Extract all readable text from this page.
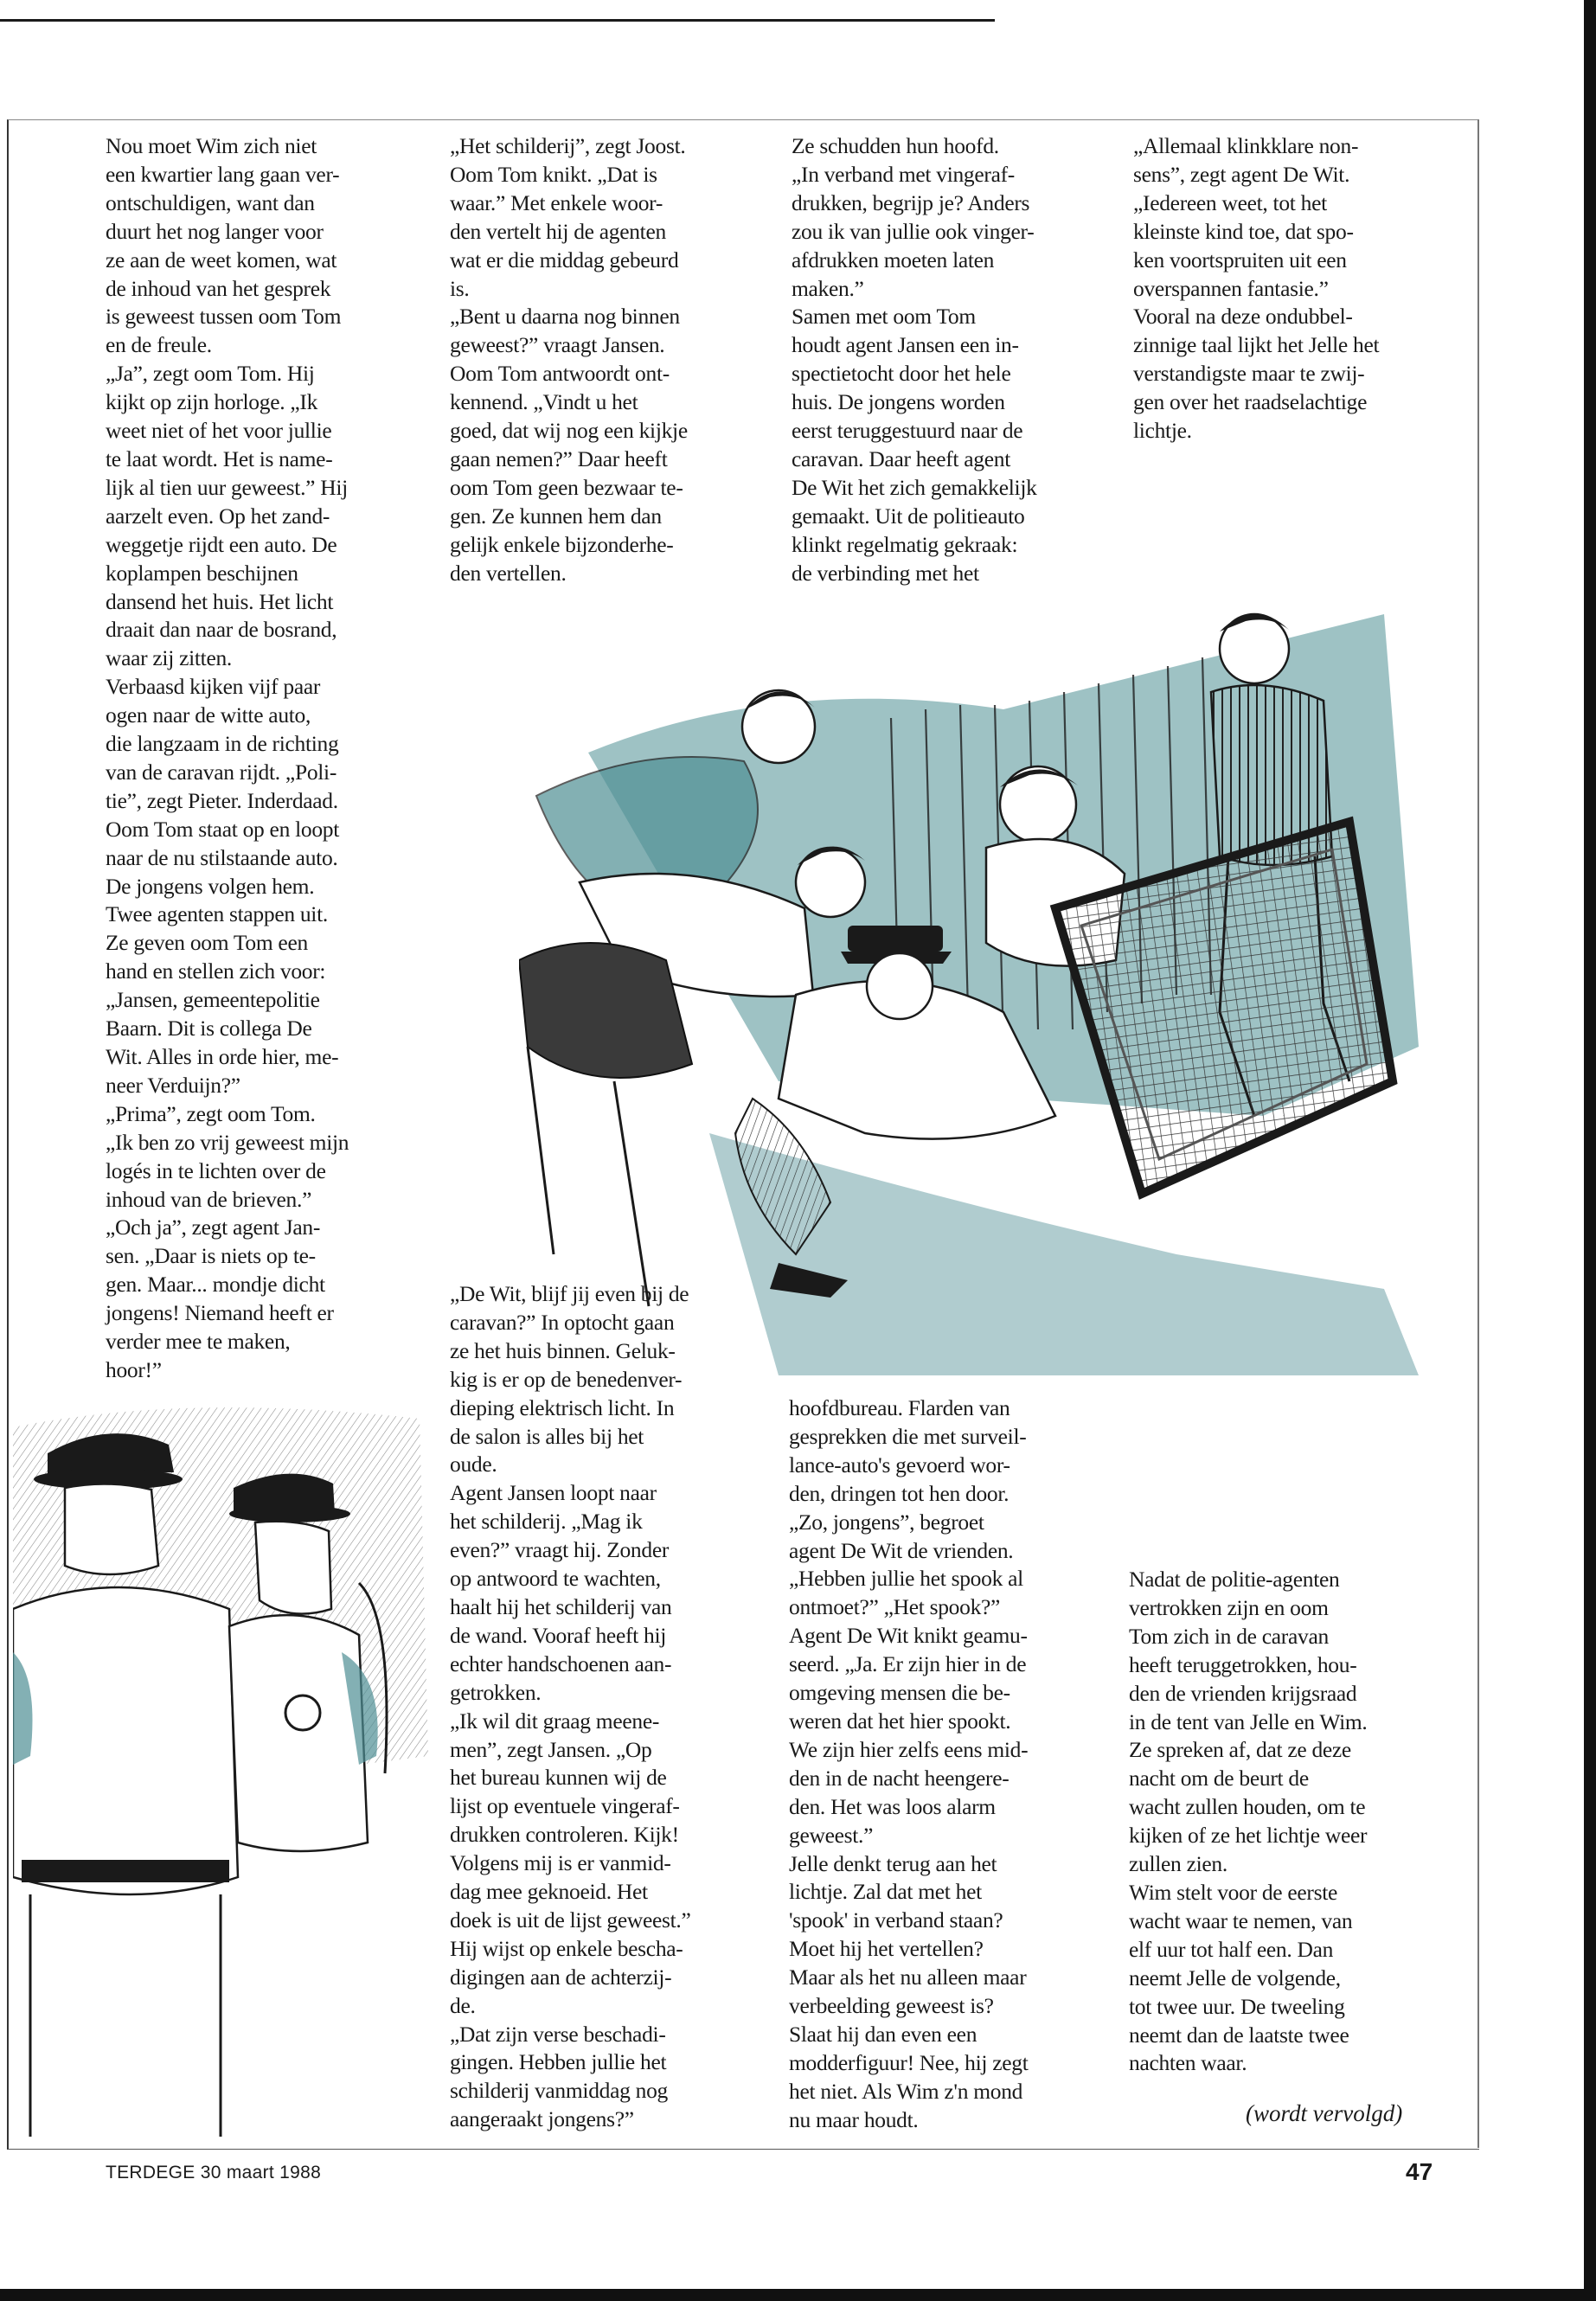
Nou moet Wim zich niet
een kwartier lang gaan ver-
ontschuldigen, want dan
duurt het nog langer voor
ze aan de weet komen, wat
de inhoud van het gesprek
is geweest tussen oom Tom
en de freule.
„Ja”, zegt oom Tom. Hij
kijkt op zijn horloge. „Ik
weet niet of het voor jullie
te laat wordt. Het is name-
lijk al tien uur geweest.” Hij
aarzelt even. Op het zand-
weggetje rijdt een auto. De
koplampen beschijnen
dansend het huis. Het licht
draait dan naar de bosrand,
waar zij zitten.
Verbaasd kijken vijf paar
ogen naar de witte auto,
die langzaam in de richting
van de caravan rijdt. „Poli-
tie”, zegt Pieter. Inderdaad.
Oom Tom staat op en loopt
naar de nu stilstaande auto.
De jongens volgen hem.
Twee agenten stappen uit.
Ze geven oom Tom een
hand en stellen zich voor:
„Jansen, gemeentepolitie
Baarn. Dit is collega De
Wit. Alles in orde hier, me-
neer Verduijn?”
„Prima”, zegt oom Tom.
„Ik ben zo vrij geweest mijn
logés in te lichten over de
inhoud van de brieven.”
„Och ja”, zegt agent Jan-
sen. „Daar is niets op te-
gen. Maar... mondje dicht
jongens! Niemand heeft er
verder mee te maken,
hoor!”
„Het schilderij”, zegt Joost.
Oom Tom knikt. „Dat is
waar.” Met enkele woor-
den vertelt hij de agenten
wat er die middag gebeurd
is.
„Bent u daarna nog binnen
geweest?” vraagt Jansen.
Oom Tom antwoordt ont-
kennend. „Vindt u het
goed, dat wij nog een kijkje
gaan nemen?” Daar heeft
oom Tom geen bezwaar te-
gen. Ze kunnen hem dan
gelijk enkele bijzonderhe-
den vertellen.
Ze schudden hun hoofd.
„In verband met vingeraf-
drukken, begrijp je? Anders
zou ik van jullie ook vinger-
afdrukken moeten laten
maken.”
Samen met oom Tom
houdt agent Jansen een in-
spectietocht door het hele
huis. De jongens worden
eerst teruggestuurd naar de
caravan. Daar heeft agent
De Wit het zich gemakkelijk
gemaakt. Uit de politieauto
klinkt regelmatig gekraak:
de verbinding met het
„Allemaal klinkklare non-
sens”, zegt agent De Wit.
„Iedereen weet, tot het
kleinste kind toe, dat spo-
ken voortspruiten uit een
overspannen fantasie.”
Vooral na deze ondubbel-
zinnige taal lijkt het Jelle het
verstandigste maar te zwij-
gen over het raadselachtige
lichtje.
„De Wit, blijf jij even bij de
caravan?” In optocht gaan
ze het huis binnen. Geluk-
kig is er op de benedenver-
dieping elektrisch licht. In
de salon is alles bij het
oude.
Agent Jansen loopt naar
het schilderij. „Mag ik
even?” vraagt hij. Zonder
op antwoord te wachten,
haalt hij het schilderij van
de wand. Vooraf heeft hij
echter handschoenen aan-
getrokken.
„Ik wil dit graag meene-
men”, zegt Jansen. „Op
het bureau kunnen wij de
lijst op eventuele vingeraf-
drukken controleren. Kijk!
Volgens mij is er vanmid-
dag mee geknoeid. Het
doek is uit de lijst geweest.”
Hij wijst op enkele bescha-
digingen aan de achterzij-
de.
„Dat zijn verse beschadi-
gingen. Hebben jullie het
schilderij vanmiddag nog
aangeraakt jongens?”
hoofdbureau. Flarden van
gesprekken die met surveil-
lance-auto's gevoerd wor-
den, dringen tot hen door.
„Zo, jongens”, begroet
agent De Wit de vrienden.
„Hebben jullie het spook al
ontmoet?” „Het spook?”
Agent De Wit knikt geamu-
seerd. „Ja. Er zijn hier in de
omgeving mensen die be-
weren dat het hier spookt.
We zijn hier zelfs eens mid-
den in de nacht heengere-
den. Het was loos alarm
geweest.”
Jelle denkt terug aan het
lichtje. Zal dat met het
'spook' in verband staan?
Moet hij het vertellen?
Maar als het nu alleen maar
verbeelding geweest is?
Slaat hij dan even een
modderfiguur! Nee, hij zegt
het niet. Als Wim z'n mond
nu maar houdt.
Nadat de politie-agenten
vertrokken zijn en oom
Tom zich in de caravan
heeft teruggetrokken, hou-
den de vrienden krijgsraad
in de tent van Jelle en Wim.
Ze spreken af, dat ze deze
nacht om de beurt de
wacht zullen houden, om te
kijken of ze het lichtje weer
zullen zien.
Wim stelt voor de eerste
wacht waar te nemen, van
elf uur tot half een. Dan
neemt Jelle de volgende,
tot twee uur. De tweeling
neemt dan de laatste twee
nachten waar.
(wordt vervolgd)
TERDEGE 30 maart 1988	47
